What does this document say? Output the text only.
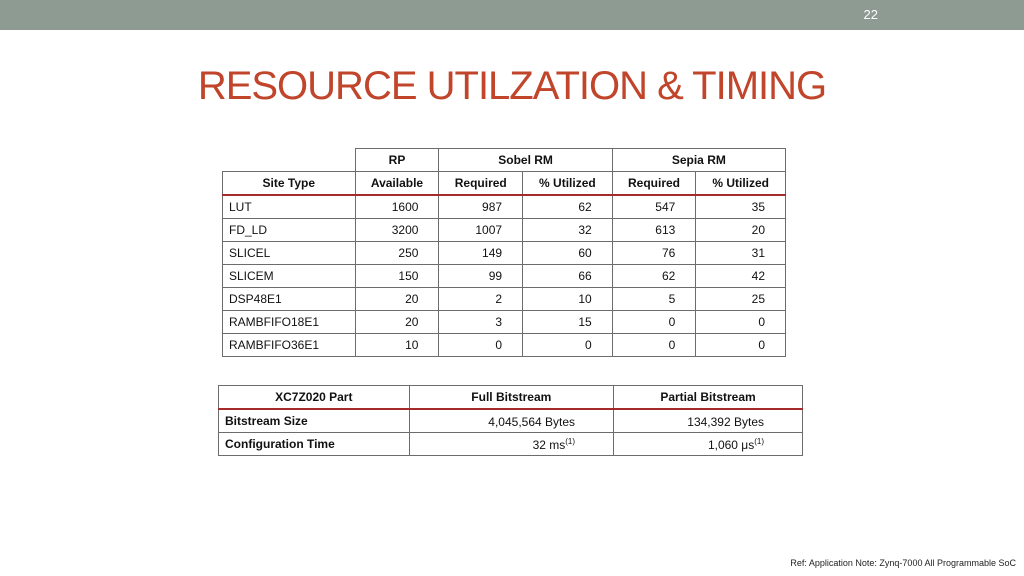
22
RESOURCE UTILZATION & TIMING
	RP	Sobel RM		Sepia RM	
Site Type	Available	Required	% Utilized	Required	% Utilized
LUT	1600	987	62	547	35
FD_LD	3200	1007	32	613	20
SLICEL	250	149	60	76	31
SLICEM	150	99	66	62	42
DSP48E1	20	2	10	5	25
RAMBFIFO18E1	20	3	15	0	0
RAMBFIFO36E1	10	0	0	0	0
XC7Z020 Part	Full Bitstream	Partial Bitstream
Bitstream Size	4,045,564 Bytes	134,392 Bytes
Configuration Time	32 $ms^{(1)}$	1,060 $\mu s^{(1)}$
Ref: Application Note: Zynq-7000 All Programmable SoC
